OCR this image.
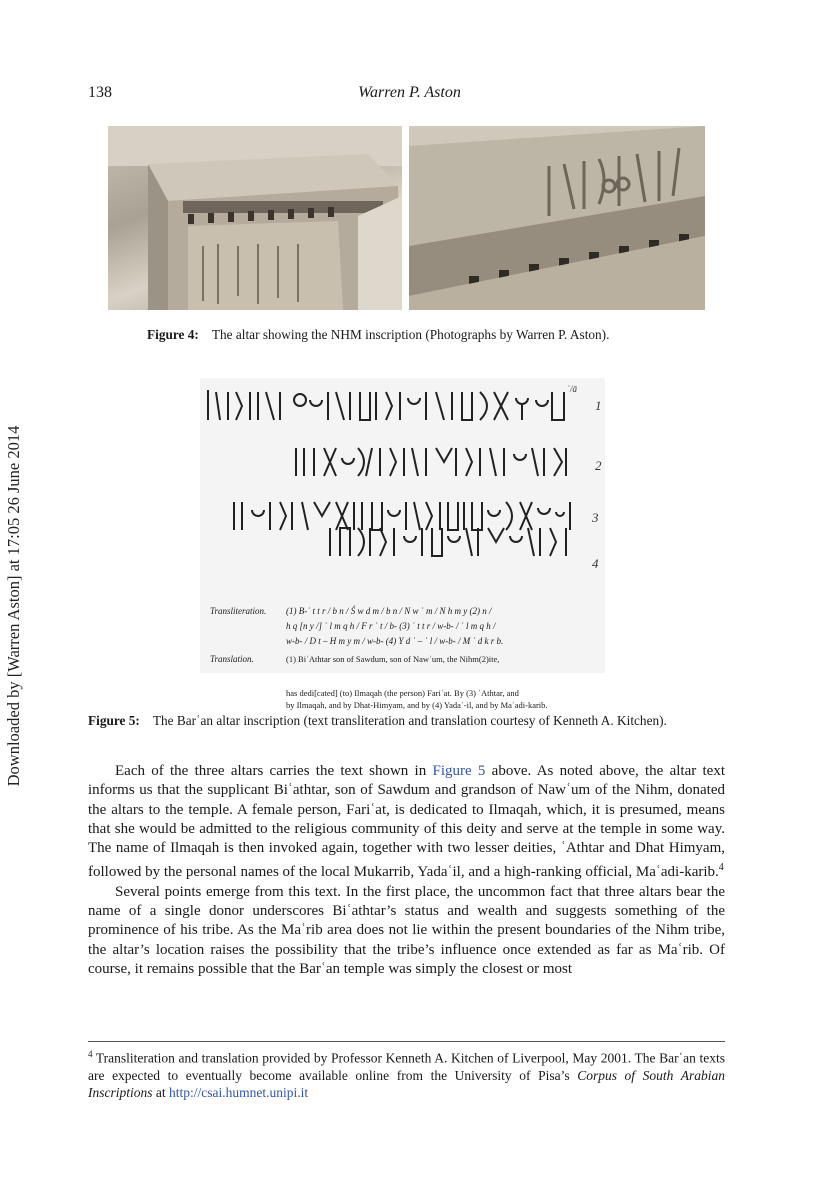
138	Warren P. Aston
Downloaded by [Warren Aston] at 17:05 26 June 2014
Figure 4: The altar showing the NHM inscription (Photographs by Warren P. Aston).
ʿ/ā
1
2
3
4
Transliteration. (1) B-ʿ t t r / b n / Ś w d m / b n / N w ʿ m / N h m y (2) n /
h q [n y /] ʿ l m q h / F r ʿ t / b- (3) ʿ t t r / w-b- / ʿ l m q h /
w-b- / D t – H m y m / w-b- (4) Y d ʿ – ʿ l / w-b- / M ʿ d k r b.
Translation.	(1) BiʿAthtar son of Sawdum, son of Nawʿum, the Nihm(2)ite,
has dedi[cated] (to) Ilmaqah (the person) Fariʿat. By (3) ʿAthtar, and
by Ilmaqah, and by Dhat-Himyam, and by (4) Yadaʿ-il, and by Maʿadi-karib.
Figure 5: The Barʿan altar inscription (text transliteration and translation courtesy of Kenneth A. Kitchen).

Each of the three altars carries the text shown in Figure 5 above. As noted above, the altar text informs us that the supplicant Biʿathtar, son of Sawdum and grandson of Nawʿum of the Nihm, donated the altars to the temple. A female person, Fariʿat, is dedicated to Ilmaqah, which, it is presumed, means that she would be admitted to the religious community of this deity and serve at the temple in some way. The name of Ilmaqah is then invoked again, together with two lesser deities, ʿAthtar and Dhat Himyam, followed by the personal names of the local Mukarrib, Yadaʿil, and a high-ranking official, Maʿadi-karib.$^4$

Several points emerge from this text. In the first place, the uncommon fact that three altars bear the name of a single donor underscores Biʿathtar’s status and wealth and suggests something of the prominence of his tribe. As the Maʿrib area does not lie within the present boundaries of the Nihm tribe, the altar’s location raises the possibility that the tribe’s influence once extended as far as Maʿrib. Of course, it remains possible that the Barʿan temple was simply the closest or most

$^4$ Transliteration and translation provided by Professor Kenneth A. Kitchen of Liverpool, May 2001. The Barʿan texts are expected to eventually become available online from the University of Pisa’s Corpus of South Arabian Inscriptions at http://csai.humnet.unipi.it
